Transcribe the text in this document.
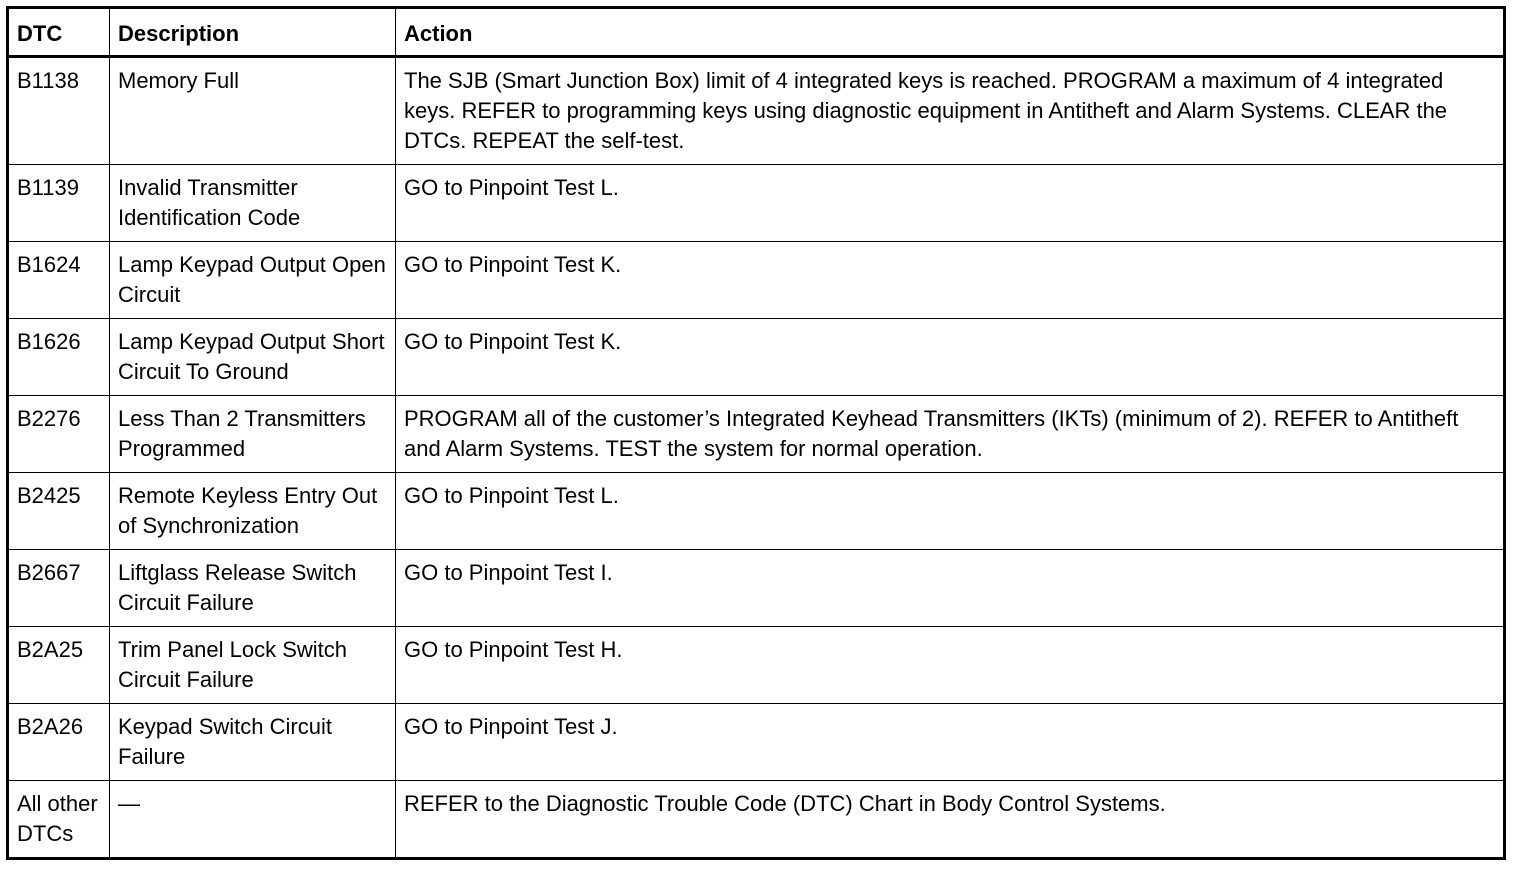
DTC	Description	Action
B1138	Memory Full	The SJB (Smart Junction Box) limit of 4 integrated keys is reached. PROGRAM a maximum of 4 integrated keys. REFER to programming keys using diagnostic equipment in Antitheft and Alarm Systems. CLEAR the DTCs. REPEAT the self-test.
B1139	Invalid Transmitter Identification Code	GO to Pinpoint Test L.
B1624	Lamp Keypad Output Open Circuit	GO to Pinpoint Test K.
B1626	Lamp Keypad Output Short Circuit To Ground	GO to Pinpoint Test K.
B2276	Less Than 2 Transmitters Programmed	PROGRAM all of the customer’s Integrated Keyhead Transmitters (IKTs) (minimum of 2). REFER to Antitheft and Alarm Systems. TEST the system for normal operation.
B2425	Remote Keyless Entry Out of Synchronization	GO to Pinpoint Test L.
B2667	Liftglass Release Switch Circuit Failure	GO to Pinpoint Test I.
B2A25	Trim Panel Lock Switch Circuit Failure	GO to Pinpoint Test H.
B2A26	Keypad Switch Circuit Failure	GO to Pinpoint Test J.
All other DTCs	—	REFER to the Diagnostic Trouble Code (DTC) Chart in Body Control Systems.
